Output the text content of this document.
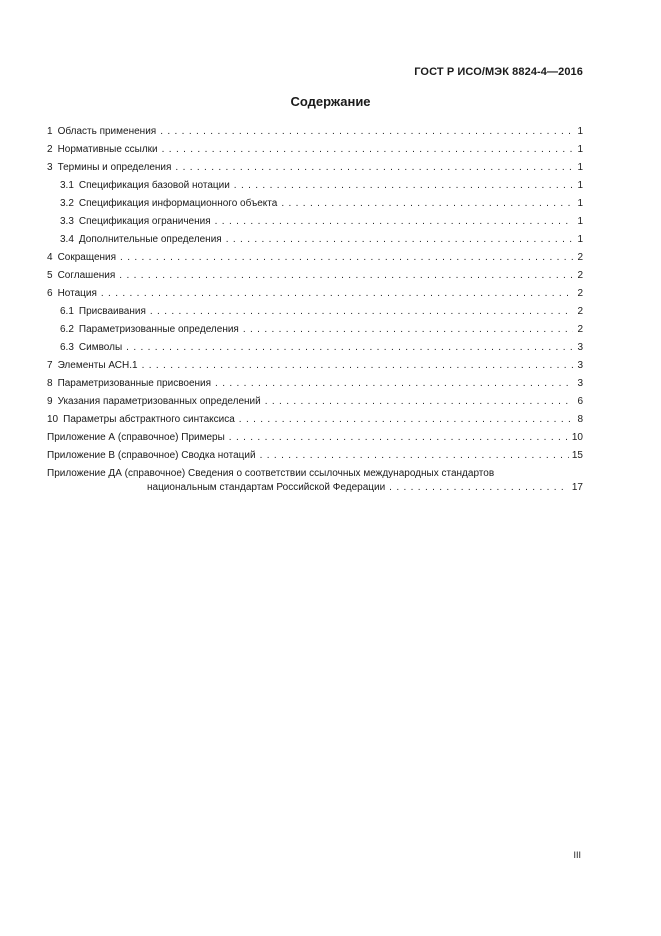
ГОСТ Р ИСО/МЭК 8824-4—2016
Содержание
1 Область применения . . .	1
2 Нормативные ссылки . . .	1
3 Термины и определения . . .	1
3.1 Спецификация базовой нотации . . .	1
3.2 Спецификация информационного объекта . . .	1
3.3 Спецификация ограничения . . .	1
3.4 Дополнительные определения . . .	1
4 Сокращения . . .	2
5 Соглашения . . .	2
6 Нотация . . .	2
6.1 Присваивания . . .	2
6.2 Параметризованные определения . . .	2
6.3 Символы . . .	3
7 Элементы АСН.1 . . .	3
8 Параметризованные присвоения . . .	3
9 Указания параметризованных определений . . .	6
10 Параметры абстрактного синтаксиса . . .	8
Приложение А (справочное) Примеры . . .	10
Приложение В (справочное) Сводка нотаций . . .	15
Приложение ДА (справочное) Сведения о соответствии ссылочных международных стандартов
национальным стандартам Российской Федерации . . .	17
III
